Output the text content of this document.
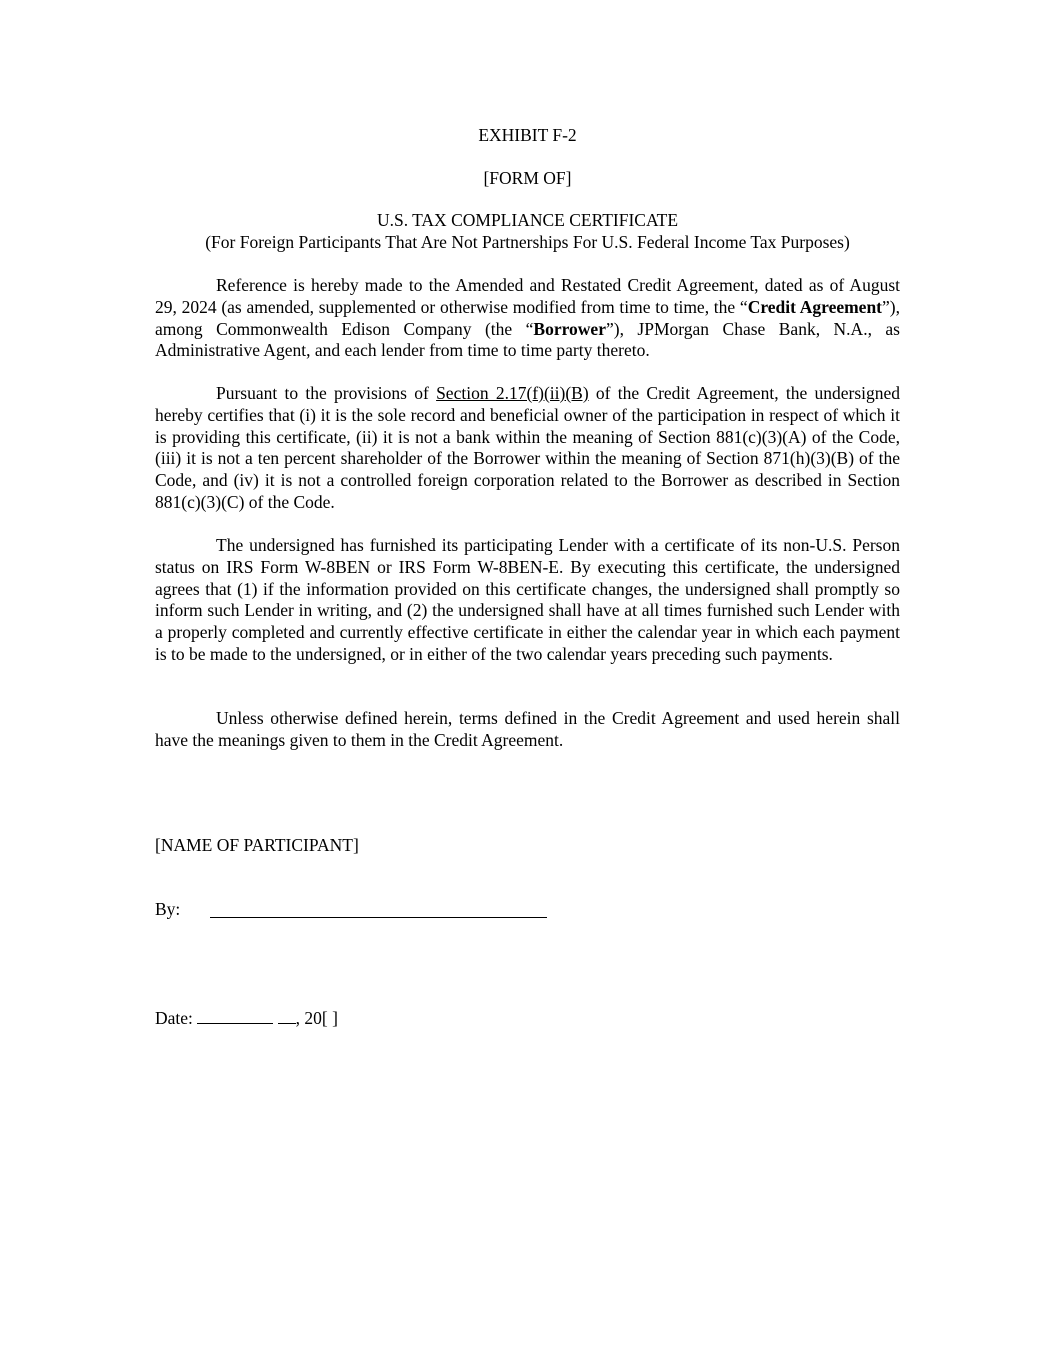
EXHIBIT F-2
[FORM OF]
U.S. TAX COMPLIANCE CERTIFICATE
(For Foreign Participants That Are Not Partnerships For U.S. Federal Income Tax Purposes)
Reference is hereby made to the Amended and Restated Credit Agreement, dated as of August 29, 2024 (as amended, supplemented or otherwise modified from time to time, the “Credit Agreement”), among Commonwealth Edison Company (the “Borrower”), JPMorgan Chase Bank, N.A., as Administrative Agent, and each lender from time to time party thereto.
Pursuant to the provisions of Section 2.17(f)(ii)(B) of the Credit Agreement, the undersigned hereby certifies that (i) it is the sole record and beneficial owner of the participation in respect of which it is providing this certificate, (ii) it is not a bank within the meaning of Section 881(c)(3)(A) of the Code, (iii) it is not a ten percent shareholder of the Borrower within the meaning of Section 871(h)(3)(B) of the Code, and (iv) it is not a controlled foreign corporation related to the Borrower as described in Section 881(c)(3)(C) of the Code.
The undersigned has furnished its participating Lender with a certificate of its non-U.S. Person status on IRS Form W-8BEN or IRS Form W-8BEN-E. By executing this certificate, the undersigned agrees that (1) if the information provided on this certificate changes, the undersigned shall promptly so inform such Lender in writing, and (2) the undersigned shall have at all times furnished such Lender with a properly completed and currently effective certificate in either the calendar year in which each payment is to be made to the undersigned, or in either of the two calendar years preceding such payments.
Unless otherwise defined herein, terms defined in the Credit Agreement and used herein shall have the meanings given to them in the Credit Agreement.
[NAME OF PARTICIPANT]
By:
Date:	, 20[ ]
